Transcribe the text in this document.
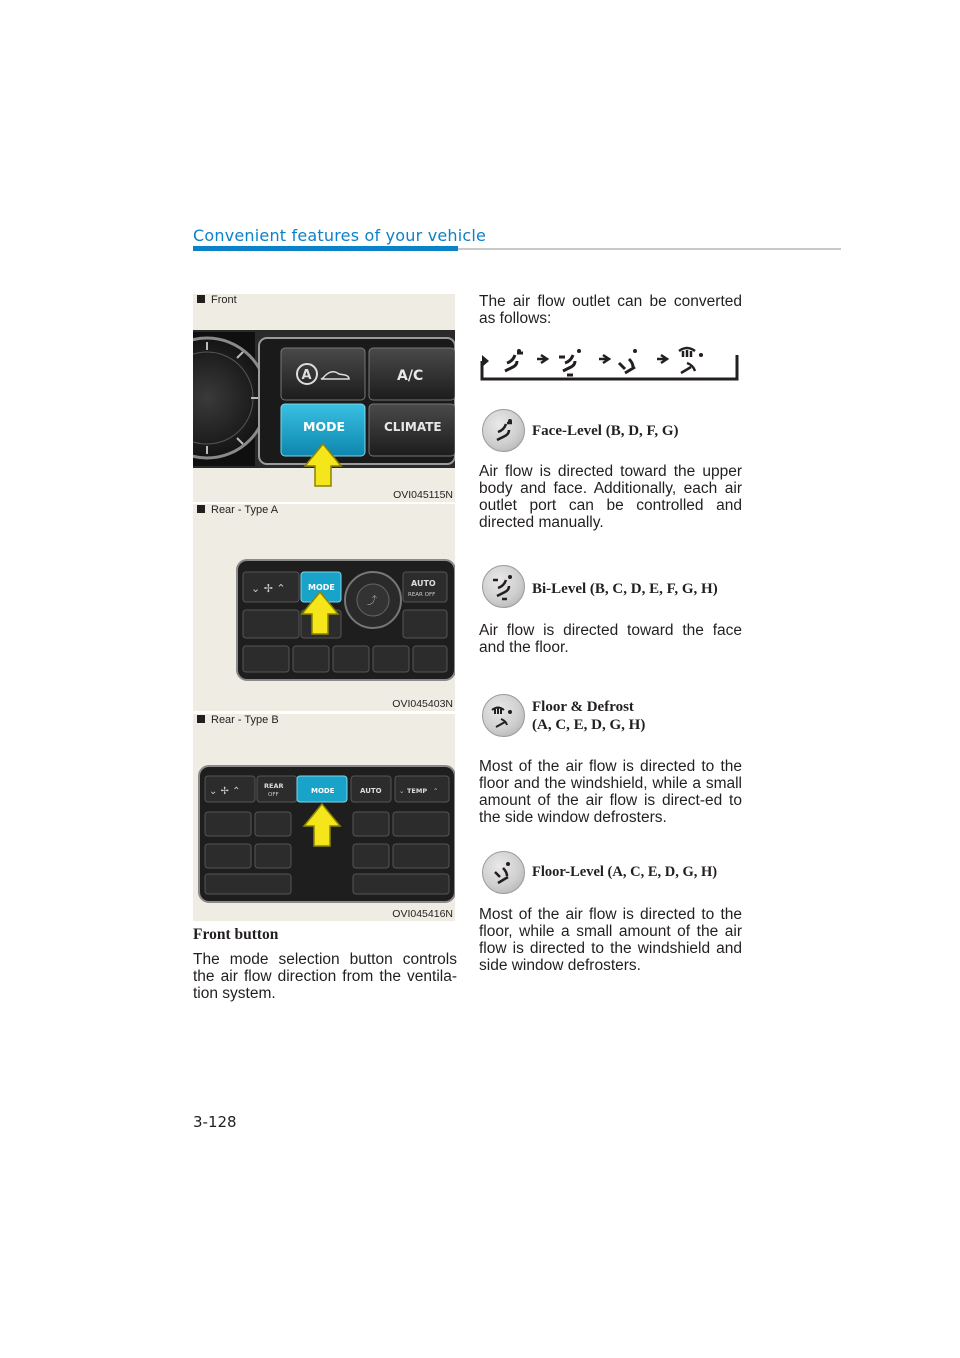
Convenient features of your vehicle
Front
A	A/C
MODE	CLIMATE
OVI045115N
Rear - Type A
⌄ ✢ ⌃	MODE
⤴
AUTO
REAR OFF
OVI045403N
Rear - Type B
⌄ ✢ ⌃	REAR
OFF	MODE	AUTO	⌄ TEMP ⌃
OVI045416N
Front button
The mode selection button controls the air flow direction from the ventila-tion system.
The air flow outlet can be converted as follows:
Face-Level (B, D, F, G)
Air flow is directed toward the upper body and face. Additionally, each air outlet port can be controlled and directed manually.
Bi-Level (B, C, D, E, F, G, H)
Air flow is directed toward the face and the floor.
Floor & Defrost
(A, C, E, D, G, H)
Most of the air flow is directed to the floor and the windshield, while a small amount of the air flow is direct-ed to the side window defrosters.
Floor-Level (A, C, E, D, G, H)
Most of the air flow is directed to the floor, while a small amount of the air flow is directed to the windshield and side window defrosters.
3-128
